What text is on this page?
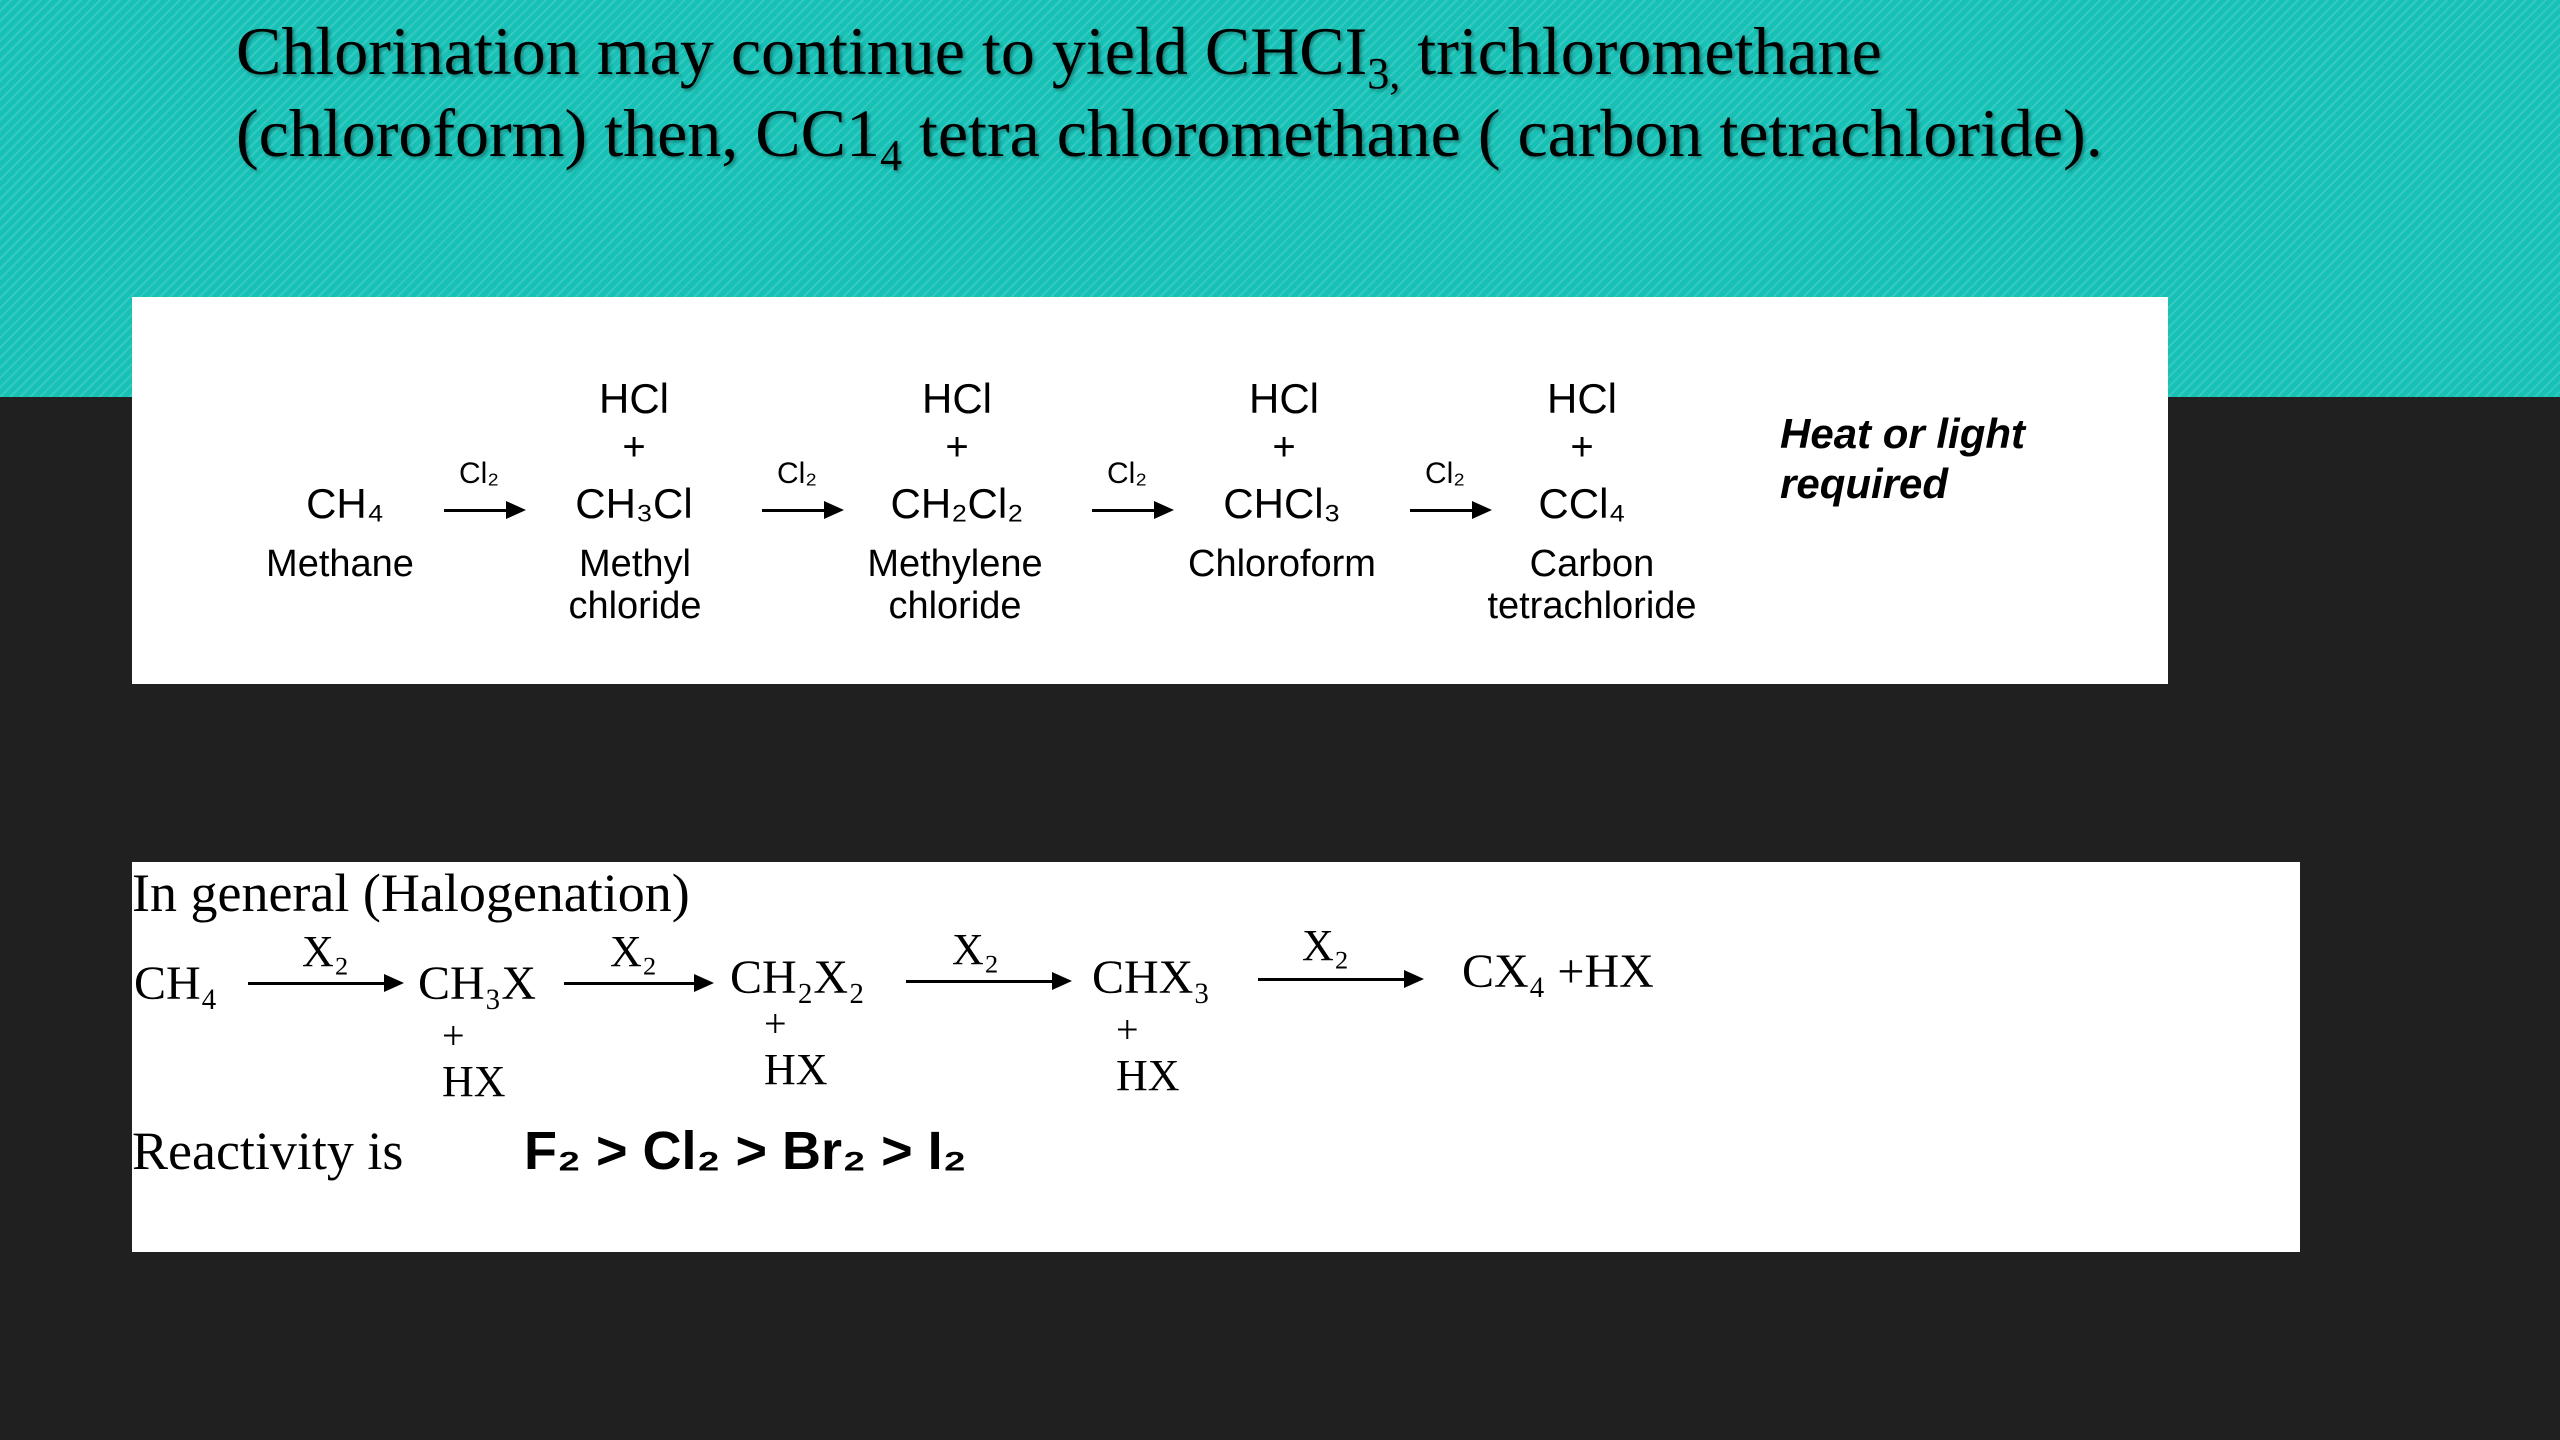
Chlorination may continue to yield $CHCI_{3,}$ trichloromethane
(chloroform) then, $CC1_4$ tetra chloromethane ( carbon tetrachloride).
HCl
+
HCl
+
HCl
+
HCl
+
CH₄	CH₃Cl	CH₂Cl₂	CHCl₃	CCl₄
Methane	Methyl
chloride
Methylene
chloride
Chloroform	Carbon
tetrachloride
Cl₂	Cl₂	Cl₂	Cl₂
Heat or light
required
In general (Halogenation)
CH₄
X₂
CH₃X
+
HX
X₂ CH₂X₂
+
HX
X₂
CHX₃
+
HX
X₂ CX₄ +HX
Reactivity is F₂ > Cl₂ > Br₂ > I₂
